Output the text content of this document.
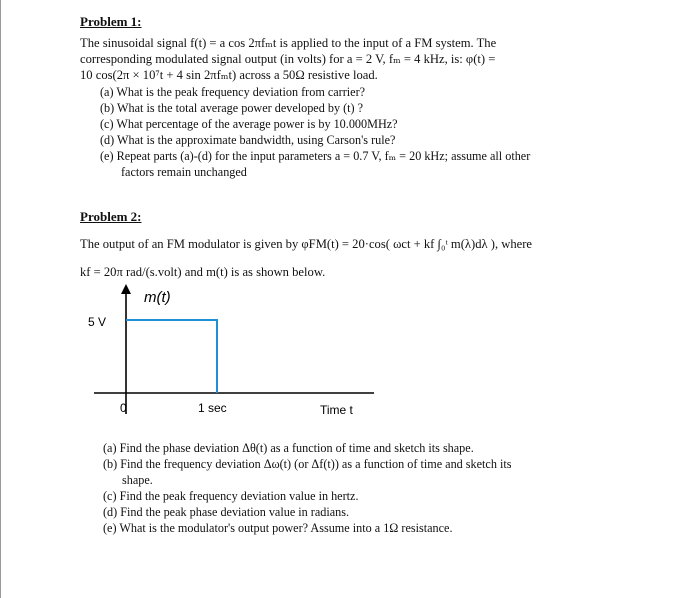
Problem 1:
The sinusoidal signal f(t) = a cos 2πfₘt is applied to the input of a FM system. The
corresponding modulated signal output (in volts) for a = 2 V, fₘ = 4 kHz, is: φ(t) =
10 cos(2π × 10⁷t + 4 sin 2πfₘt) across a 50Ω resistive load.
(a) What is the peak frequency deviation from carrier?
(b) What is the total average power developed by (t) ?
(c) What percentage of the average power is by 10.000MHz?
(d) What is the approximate bandwidth, using Carson's rule?
(e) Repeat parts (a)-(d) for the input parameters a = 0.7 V, fₘ = 20 kHz; assume all other
factors remain unchanged
Problem 2:
The output of an FM modulator is given by φFM(t) = 20·cos( ωct + kf ∫₀ᵗ m(λ)dλ ), where
kf = 20π rad/(s.volt) and m(t) is as shown below.
m(t)
5 V
0	1 sec	Time t
(a) Find the phase deviation Δθ(t) as a function of time and sketch its shape.
(b) Find the frequency deviation Δω(t) (or Δf(t)) as a function of time and sketch its
shape.
(c) Find the peak frequency deviation value in hertz.
(d) Find the peak phase deviation value in radians.
(e) What is the modulator's output power? Assume into a 1Ω resistance.
